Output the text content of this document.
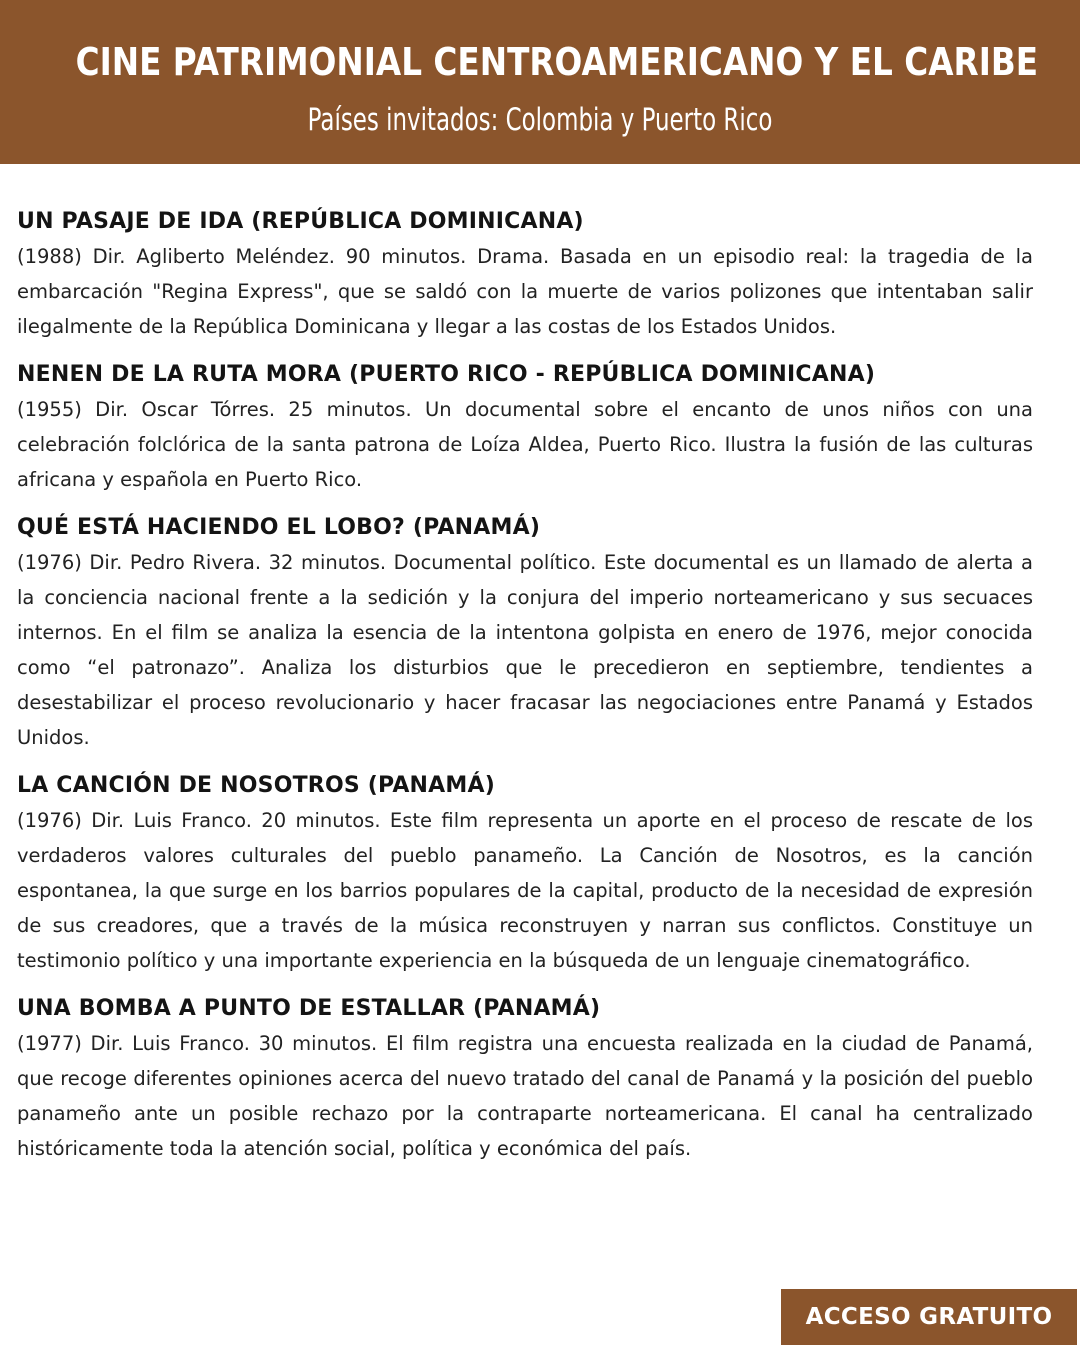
CINE PATRIMONIAL CENTROAMERICANO Y EL CARIBE
Países invitados: Colombia y Puerto Rico
UN PASAJE DE IDA (REPÚBLICA DOMINICANA)

(1988) Dir. Agliberto Meléndez. 90 minutos. Drama. Basada en un episodio real: la tragedia de la embarcación "Regina Express", que se saldó con la muerte de varios polizones que intentaban salir ilegalmente de la República Dominicana y llegar a las costas de los Estados Unidos.

NENEN DE LA RUTA MORA (PUERTO RICO - REPÚBLICA DOMINICANA)

(1955) Dir. Oscar Tórres. 25 minutos. Un documental sobre el encanto de unos niños con una celebración folclórica de la santa patrona de Loíza Aldea, Puerto Rico. Ilustra la fusión de las culturas africana y española en Puerto Rico.

QUÉ ESTÁ HACIENDO EL LOBO? (PANAMÁ)

(1976) Dir. Pedro Rivera. 32 minutos. Documental político. Este documental es un llamado de alerta a la conciencia nacional frente a la sedición y la conjura del imperio norteamericano y sus secuaces internos. En el film se analiza la esencia de la intentona golpista en enero de 1976, mejor conocida como “el patronazo”. Analiza los disturbios que le precedieron en septiembre, tendientes a desestabilizar el proceso revolucionario y hacer fracasar las negociaciones entre Panamá y Estados Unidos.

LA CANCIÓN DE NOSOTROS (PANAMÁ)

(1976) Dir. Luis Franco. 20 minutos. Este film representa un aporte en el proceso de rescate de los verdaderos valores culturales del pueblo panameño. La Canción de Nosotros, es la canción espontanea, la que surge en los barrios populares de la capital, producto de la necesidad de expresión de sus creadores, que a través de la música reconstruyen y narran sus conflictos. Constituye un testimonio político y una importante experiencia en la búsqueda de un lenguaje cinematográfico.

UNA BOMBA A PUNTO DE ESTALLAR (PANAMÁ)

(1977) Dir. Luis Franco. 30 minutos. El film registra una encuesta realizada en la ciudad de Panamá, que recoge diferentes opiniones acerca del nuevo tratado del canal de Panamá y la posición del pueblo panameño ante un posible rechazo por la contraparte norteamericana. El canal ha centralizado históricamente toda la atención social, política y económica del país.

ACCESO GRATUITO
